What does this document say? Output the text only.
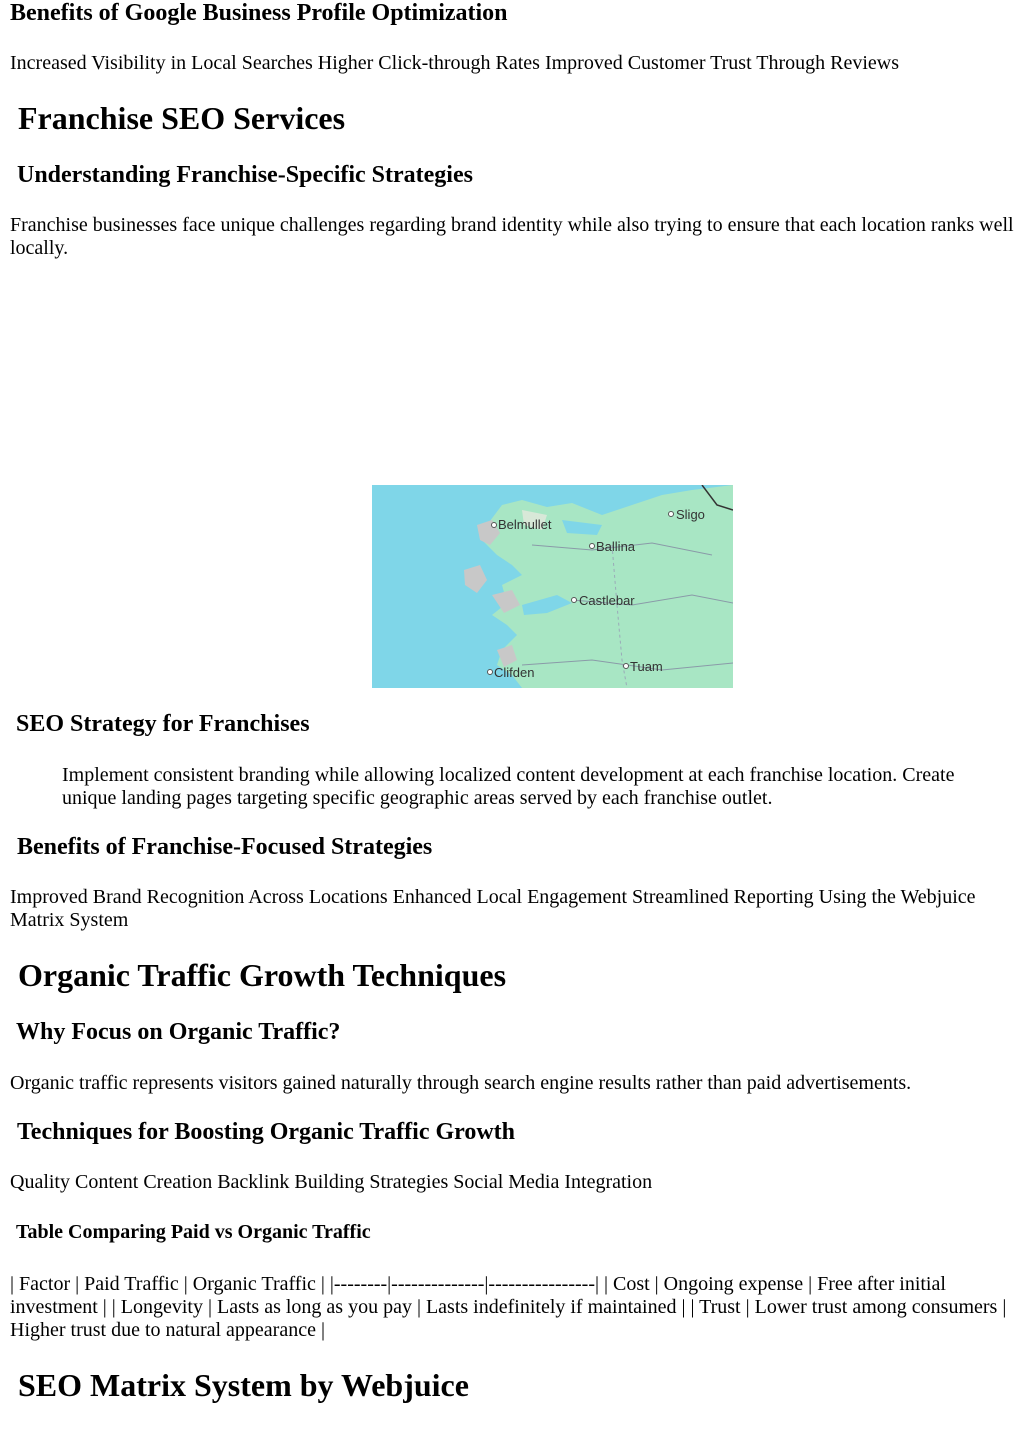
Benefits of Google Business Profile Optimization

Increased Visibility in Local Searches Higher Click-through Rates Improved Customer Trust Through Reviews

Franchise SEO Services
Understanding Franchise-Specific Strategies

Franchise businesses face unique challenges regarding brand identity while also trying to ensure that each location ranks well locally.

Belmullet
Sligo
Ballina
Castlebar
Clifden	Tuam
SEO Strategy for Franchises

Implement consistent branding while allowing localized content development at each franchise location. Create unique landing pages targeting specific geographic areas served by each franchise outlet.

Benefits of Franchise-Focused Strategies

Improved Brand Recognition Across Locations Enhanced Local Engagement Streamlined Reporting Using the Webjuice Matrix System

Organic Traffic Growth Techniques
Why Focus on Organic Traffic?

Organic traffic represents visitors gained naturally through search engine results rather than paid advertisements.

Techniques for Boosting Organic Traffic Growth

Quality Content Creation Backlink Building Strategies Social Media Integration

Table Comparing Paid vs Organic Traffic

| Factor | Paid Traffic | Organic Traffic | |--------|--------------|----------------| | Cost | Ongoing expense | Free after initial investment | | Longevity | Lasts as long as you pay | Lasts indefinitely if maintained | | Trust | Lower trust among consumers | Higher trust due to natural appearance |

SEO Matrix System by Webjuice
